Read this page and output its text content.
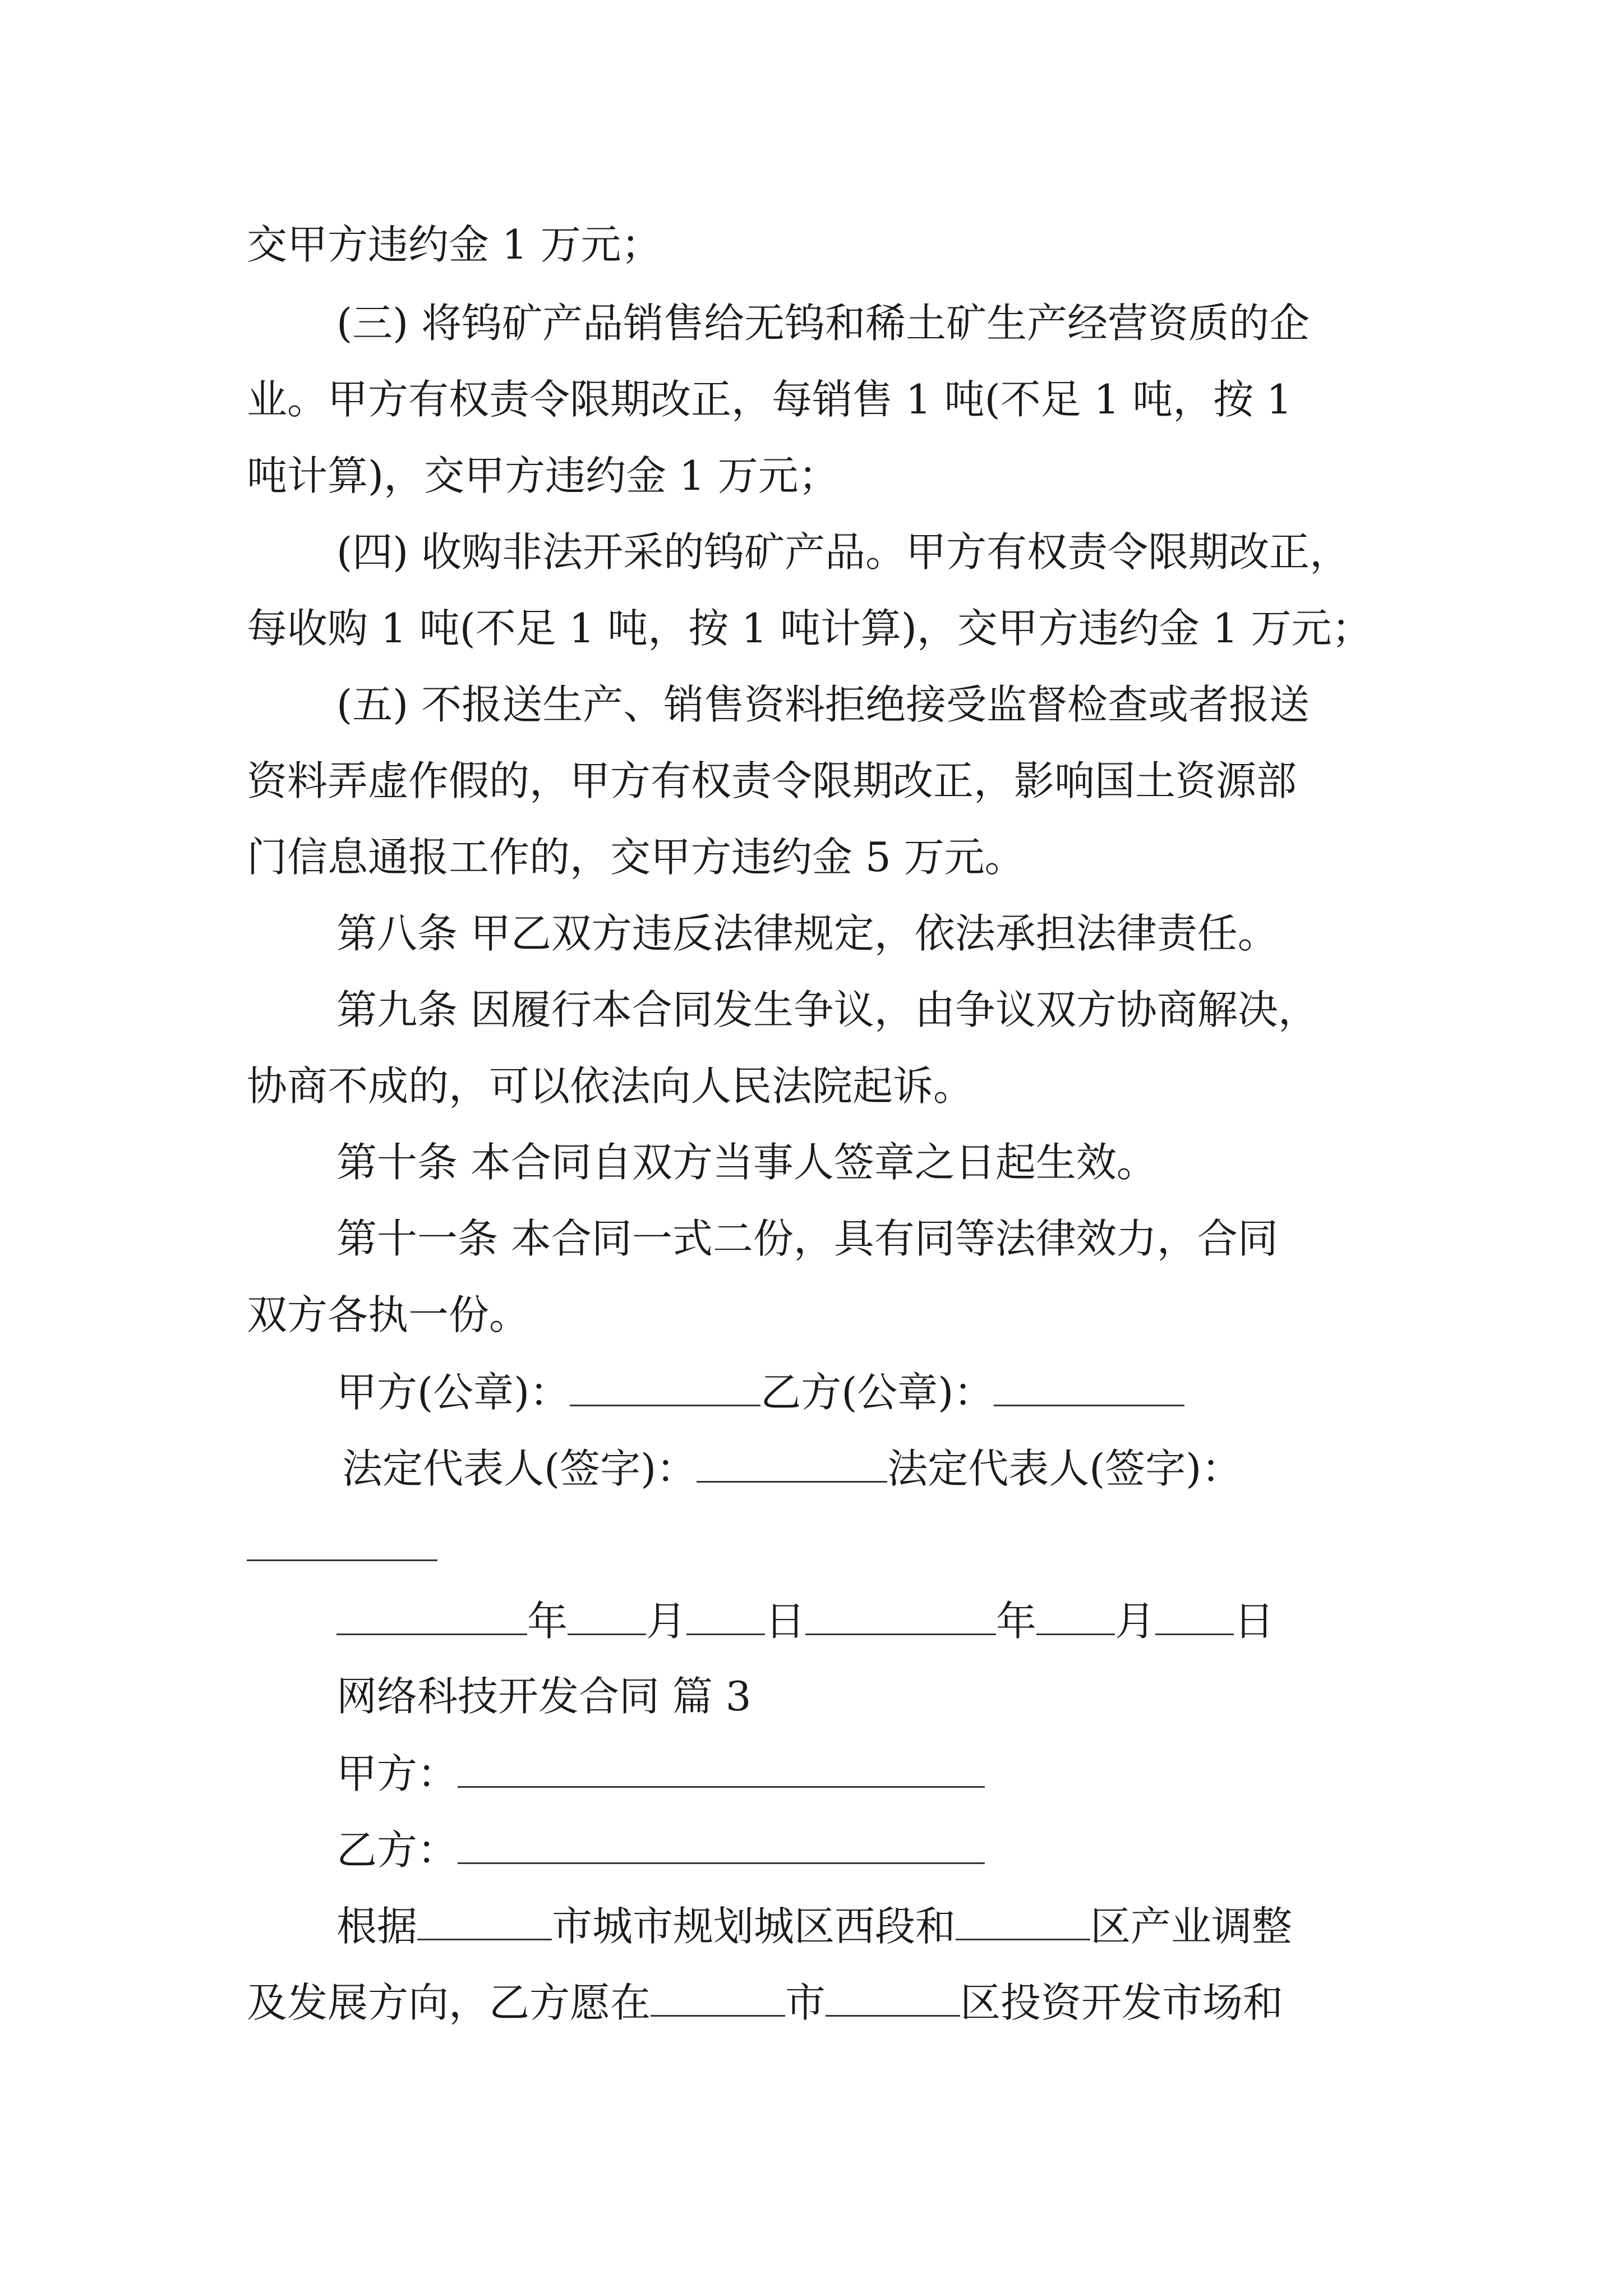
交甲方违约金 1 万元；
(三) 将钨矿产品销售给无钨和稀土矿生产经营资质的企
业。甲方有权责令限期改正，每销售 1 吨(不足 1 吨，按 1
吨计算)，交甲方违约金 1 万元；
(四) 收购非法开采的钨矿产品。甲方有权责令限期改正，
每收购 1 吨(不足 1 吨，按 1 吨计算)，交甲方违约金 1 万元；
(五) 不报送生产、销售资料拒绝接受监督检查或者报送
资料弄虚作假的，甲方有权责令限期改正，影响国土资源部
门信息通报工作的，交甲方违约金 5 万元。
第八条 甲乙双方违反法律规定，依法承担法律责任。
第九条 因履行本合同发生争议，由争议双方协商解决，
协商不成的，可以依法向人民法院起诉。
第十条 本合同自双方当事人签章之日起生效。
第十一条 本合同一式二份，具有同等法律效力，合同
双方各执一份。
甲方(公章)：	乙方(公章)：
法定代表人(签字)：	法定代表人(签字)：
年 月 日	年 月 日
网络科技开发合同 篇 3
甲方：
乙方：
根据	市城市规划城区西段和	区产业调整
及发展方向，乙方愿在	市	区投资开发市场和
